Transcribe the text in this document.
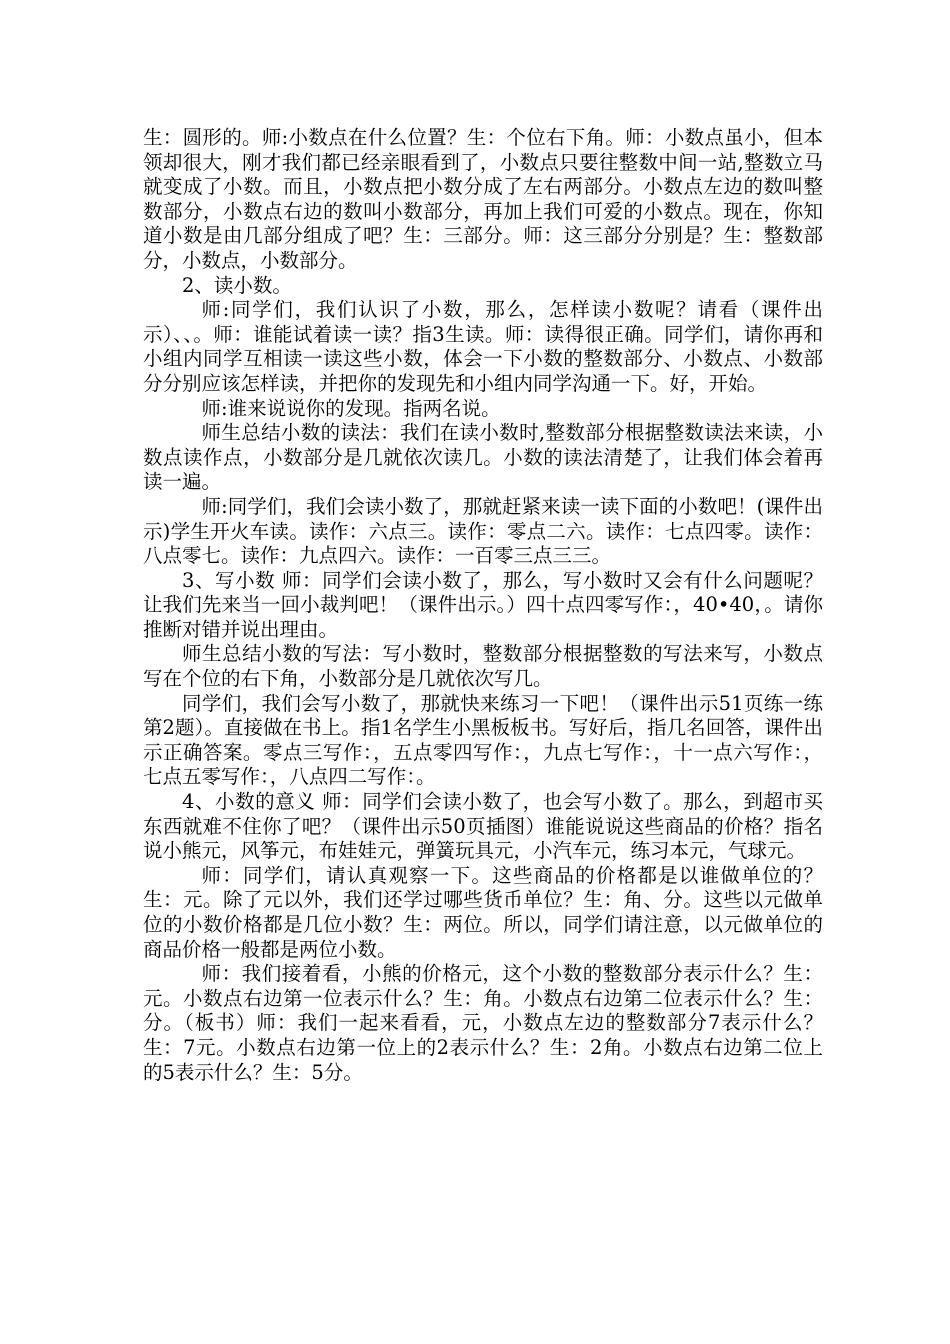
生：圆形的。师:小数点在什么位置？生：个位右下角。师：小数点虽小，但本领却很大，刚才我们都已经亲眼看到了，小数点只要往整数中间一站,整数立马就变成了小数。而且，小数点把小数分成了左右两部分。小数点左边的数叫整数部分，小数点右边的数叫小数部分，再加上我们可爱的小数点。现在，你知道小数是由几部分组成了吧？生：三部分。师：这三部分分别是？生：整数部分，小数点，小数部分。

2、读小数。

师:同学们，我们认识了小数，那么，怎样读小数呢？请看（课件出示）、、。师：谁能试着读一读？指3生读。师：读得很正确。同学们，请你再和小组内同学互相读一读这些小数，体会一下小数的整数部分、小数点、小数部分分别应该怎样读，并把你的发现先和小组内同学沟通一下。好，开始。

师:谁来说说你的发现。指两名说。

师生总结小数的读法：我们在读小数时,整数部分根据整数读法来读，小数点读作点，小数部分是几就依次读几。小数的读法清楚了，让我们体会着再读一遍。

师:同学们，我们会读小数了，那就赶紧来读一读下面的小数吧！(课件出示)学生开火车读。读作：六点三。读作：零点二六。读作：七点四零。读作：八点零七。读作：九点四六。读作：一百零三点三三。

3、写小数 师：同学们会读小数了，那么，写小数时又会有什么问题呢？让我们先来当一回小裁判吧！（课件出示。）四十点四零写作：，40•40，。请你推断对错并说出理由。

师生总结小数的写法：写小数时，整数部分根据整数的写法来写，小数点写在个位的右下角，小数部分是几就依次写几。

同学们，我们会写小数了，那就快来练习一下吧！（课件出示51页练一练第2题）。直接做在书上。指1名学生小黑板板书。写好后，指几名回答，课件出示正确答案。零点三写作：，五点零四写作：，九点七写作：，十一点六写作：，七点五零写作：，八点四二写作：。

4、小数的意义 师：同学们会读小数了，也会写小数了。那么，到超市买东西就难不住你了吧？（课件出示50页插图）谁能说说这些商品的价格？指名说小熊元，风筝元，布娃娃元，弹簧玩具元，小汽车元，练习本元，气球元。

师：同学们，请认真观察一下。这些商品的价格都是以谁做单位的？生：元。除了元以外，我们还学过哪些货币单位？生：角、分。这些以元做单位的小数价格都是几位小数？生：两位。所以，同学们请注意，以元做单位的商品价格一般都是两位小数。

师：我们接着看，小熊的价格元，这个小数的整数部分表示什么？生：元。小数点右边第一位表示什么？生：角。小数点右边第二位表示什么？生：分。（板书）师：我们一起来看看，元，小数点左边的整数部分7表示什么？生：7元。小数点右边第一位上的2表示什么？生：2角。小数点右边第二位上的5表示什么？生：5分。
